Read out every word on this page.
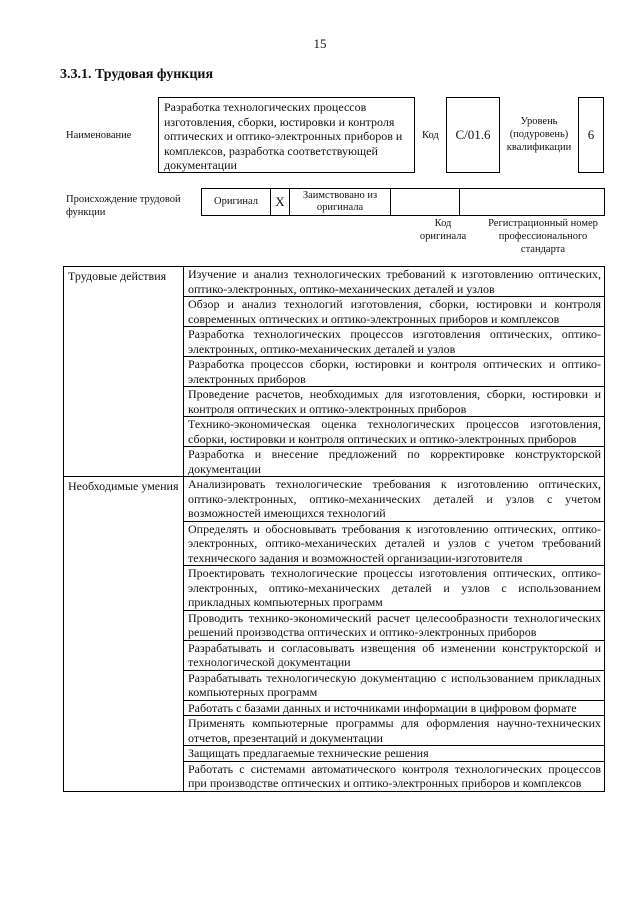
15
3.3.1. Трудовая функция
Наименование
Разработка технологических процессов изготовления, сборки, юстировки и контроля оптических и оптико-электронных приборов и комплексов, разработка соответствующей документации
Код	C/01.6
Уровень (подуровень) квалификации
6
Происхождение трудовой функции
Оригинал	X	Заимствовано из оригинала		
Код оригинала
Регистрационный номер профессионального стандарта
Трудовые действия	Изучение и анализ технологических требований к изготовлению оптических, оптико-электронных, оптико-механических деталей и узлов
	Обзор и анализ технологий изготовления, сборки, юстировки и контроля современных оптических и оптико-электронных приборов и комплексов
	Разработка технологических процессов изготовления оптических, оптико-электронных, оптико-механических деталей и узлов
	Разработка процессов сборки, юстировки и контроля оптических и оптико-электронных приборов
	Проведение расчетов, необходимых для изготовления, сборки, юстировки и контроля оптических и оптико-электронных приборов
	Технико-экономическая оценка технологических процессов изготовления, сборки, юстировки и контроля оптических и оптико-электронных приборов
	Разработка и внесение предложений по корректировке конструкторской документации
Необходимые умения	Анализировать технологические требования к изготовлению оптических, оптико-электронных, оптико-механических деталей и узлов с учетом возможностей имеющихся технологий
	Определять и обосновывать требования к изготовлению оптических, оптико-электронных, оптико-механических деталей и узлов с учетом требований технического задания и возможностей организации-изготовителя
	Проектировать технологические процессы изготовления оптических, оптико-электронных, оптико-механических деталей и узлов с использованием прикладных компьютерных программ
	Проводить технико-экономический расчет целесообразности технологических решений производства оптических и оптико-электронных приборов
	Разрабатывать и согласовывать извещения об изменении конструкторской и технологической документации
	Разрабатывать технологическую документацию с использованием прикладных компьютерных программ
	Работать с базами данных и источниками информации в цифровом формате
	Применять компьютерные программы для оформления научно-технических отчетов, презентаций и документации
	Защищать предлагаемые технические решения
	Работать с системами автоматического контроля технологических процессов при производстве оптических и оптико-электронных приборов и комплексов
